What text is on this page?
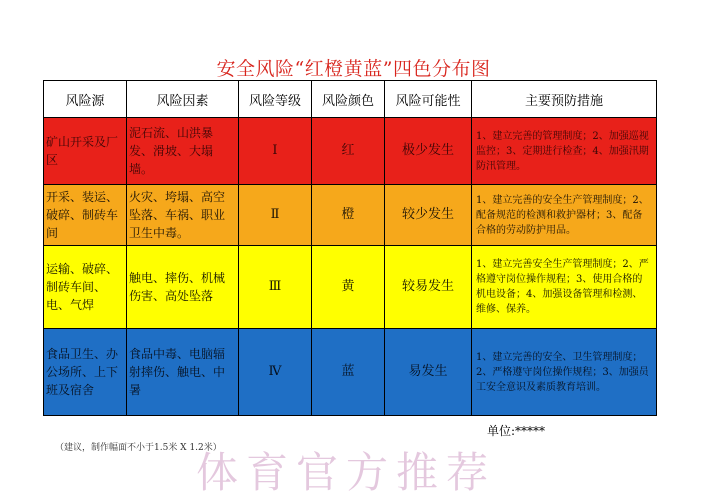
安全风险“红橙黄蓝”四色分布图
风险源	风险因素	风险等级	风险颜色	风险可能性	主要预防措施
矿山开采及厂区	泥石流、山洪暴发、滑坡、大塌墙。	Ⅰ	红	极少发生	1、建立完善的管理制度；2、加强巡视监控；3、定期进行检查；4、加强汛期防汛管理。
开采、装运、破碎、制砖车间	火灾、垮塌、高空坠落、车祸、职业卫生中毒。	Ⅱ	橙	较少发生	1、建立完善的安全生产管理制度；2、配备规范的检测和救护器材；3、配备合格的劳动防护用品。
运输、破碎、制砖车间、电、气焊	触电、摔伤、机械伤害、高处坠落	Ⅲ	黄	较易发生	1、建立完善安全生产管理制度；2、严格遵守岗位操作规程；3、使用合格的机电设备；4、加强设备管理和检测、维修、保养。
食品卫生、办公场所、上下班及宿舍	食品中毒、电脑辐射摔伤、触电、中暑	Ⅳ	蓝	易发生	1、建立完善的安全、卫生管理制度；2、严格遵守岗位操作规程；3、加强员工安全意识及素质教育培训。
单位:*****
（建议，制作幅面不小于1.5米 X 1.2米）
体育官方推荐
